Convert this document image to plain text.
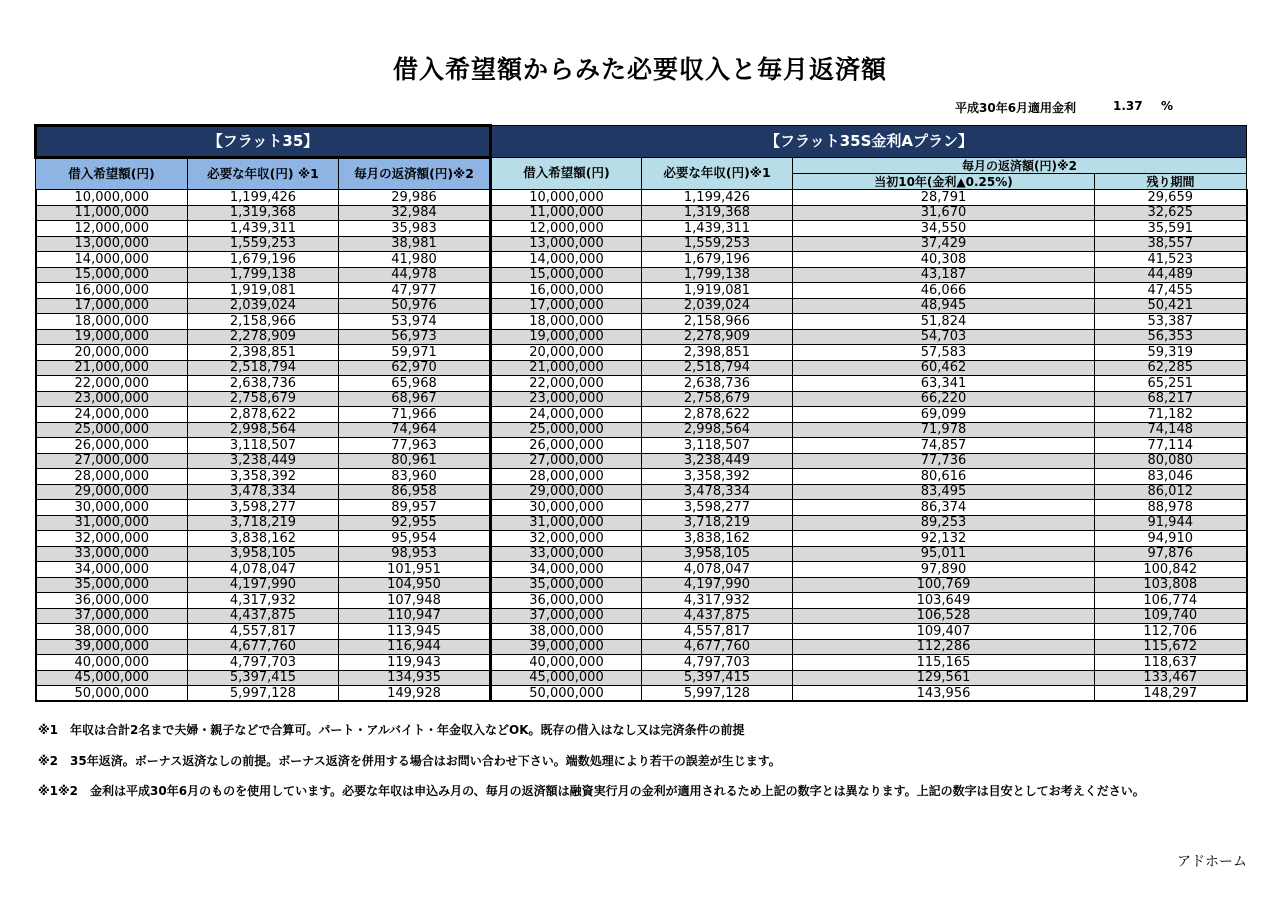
借入希望額からみた必要収入と毎月返済額
平成30年6月適用金利	1.37	%
【フラット35】			【フラット35S金利Aプラン】			
借入希望額(円)	必要な年収(円) ※1	毎月の返済額(円)※2	借入希望額(円)	必要な年収(円)※1	毎月の返済額(円)※2	
					当初10年(金利▲0.25%)	残り期間
10,000,000	1,199,426	29,986	10,000,000	1,199,426	28,791	29,659
11,000,000	1,319,368	32,984	11,000,000	1,319,368	31,670	32,625
12,000,000	1,439,311	35,983	12,000,000	1,439,311	34,550	35,591
13,000,000	1,559,253	38,981	13,000,000	1,559,253	37,429	38,557
14,000,000	1,679,196	41,980	14,000,000	1,679,196	40,308	41,523
15,000,000	1,799,138	44,978	15,000,000	1,799,138	43,187	44,489
16,000,000	1,919,081	47,977	16,000,000	1,919,081	46,066	47,455
17,000,000	2,039,024	50,976	17,000,000	2,039,024	48,945	50,421
18,000,000	2,158,966	53,974	18,000,000	2,158,966	51,824	53,387
19,000,000	2,278,909	56,973	19,000,000	2,278,909	54,703	56,353
20,000,000	2,398,851	59,971	20,000,000	2,398,851	57,583	59,319
21,000,000	2,518,794	62,970	21,000,000	2,518,794	60,462	62,285
22,000,000	2,638,736	65,968	22,000,000	2,638,736	63,341	65,251
23,000,000	2,758,679	68,967	23,000,000	2,758,679	66,220	68,217
24,000,000	2,878,622	71,966	24,000,000	2,878,622	69,099	71,182
25,000,000	2,998,564	74,964	25,000,000	2,998,564	71,978	74,148
26,000,000	3,118,507	77,963	26,000,000	3,118,507	74,857	77,114
27,000,000	3,238,449	80,961	27,000,000	3,238,449	77,736	80,080
28,000,000	3,358,392	83,960	28,000,000	3,358,392	80,616	83,046
29,000,000	3,478,334	86,958	29,000,000	3,478,334	83,495	86,012
30,000,000	3,598,277	89,957	30,000,000	3,598,277	86,374	88,978
31,000,000	3,718,219	92,955	31,000,000	3,718,219	89,253	91,944
32,000,000	3,838,162	95,954	32,000,000	3,838,162	92,132	94,910
33,000,000	3,958,105	98,953	33,000,000	3,958,105	95,011	97,876
34,000,000	4,078,047	101,951	34,000,000	4,078,047	97,890	100,842
35,000,000	4,197,990	104,950	35,000,000	4,197,990	100,769	103,808
36,000,000	4,317,932	107,948	36,000,000	4,317,932	103,649	106,774
37,000,000	4,437,875	110,947	37,000,000	4,437,875	106,528	109,740
38,000,000	4,557,817	113,945	38,000,000	4,557,817	109,407	112,706
39,000,000	4,677,760	116,944	39,000,000	4,677,760	112,286	115,672
40,000,000	4,797,703	119,943	40,000,000	4,797,703	115,165	118,637
45,000,000	5,397,415	134,935	45,000,000	5,397,415	129,561	133,467
50,000,000	5,997,128	149,928	50,000,000	5,997,128	143,956	148,297
※1　年収は合計2名まで夫婦・親子などで合算可。パート・アルバイト・年金収入などOK。既存の借入はなし又は完済条件の前提
※2　35年返済。ボーナス返済なしの前提。ボーナス返済を併用する場合はお問い合わせ下さい。端数処理により若干の誤差が生じます。
※1※2　金利は平成30年6月のものを使用しています。必要な年収は申込み月の、毎月の返済額は融資実行月の金利が適用されるため上記の数字とは異なります。上記の数字は目安としてお考えください。
アドホーム
